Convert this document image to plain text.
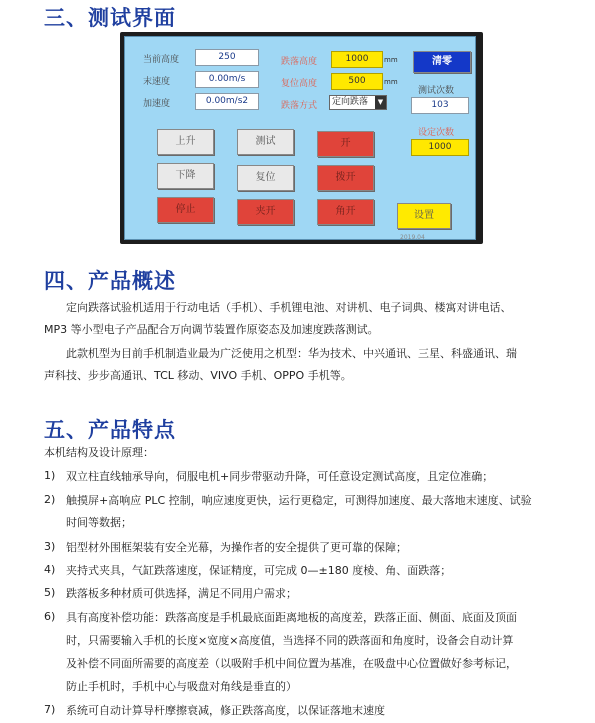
三、测试界面
当前高度	250
末速度	0.00m/s
加速度	0.00m/s2
跌落高度	1000	mm
复位高度	500	mm
跌落方式	定向跌落	▼
清零
测试次数
103
设定次数
1000
上升	测试	开
下降	复位	拨开
停止	夹开	角开	设置
2019.04
四、产品概述
定向跌落试验机适用于行动电话（手机）、手机锂电池、对讲机、电子词典、楼寓对讲电话、
MP3 等小型电子产品配合万向调节装置作原姿态及加速度跌落测试。
此款机型为目前手机制造业最为广泛使用之机型：华为技术、中兴通讯、三星、科盛通讯、瑞
声科技、步步高通讯、TCL 移动、VIVO 手机、OPPO 手机等。
五、产品特点
本机结构及设计原理：
1) 双立柱直线轴承导向，伺服电机+同步带驱动升降，可任意设定测试高度，且定位准确；
2) 触摸屏+高响应 PLC 控制，响应速度更快，运行更稳定，可测得加速度、最大落地末速度、试验
时间等数据；
3) 铝型材外围框架装有安全光幕，为操作者的安全提供了更可靠的保障；
4) 夹持式夹具，气缸跌落速度，保证精度，可完成 0—±180 度棱、角、面跌落；
5) 跌落板多种材质可供选择，满足不同用户需求；
6) 具有高度补偿功能：跌落高度是手机最底面距离地板的高度差，跌落正面、侧面、底面及顶面
时，只需要输入手机的长度×宽度×高度值，当选择不同的跌落面和角度时，设备会自动计算
及补偿不同面所需要的高度差（以吸附手机中间位置为基准，在吸盘中心位置做好参考标记，
防止手机时，手机中心与吸盘对角线是垂直的）
7) 系统可自动计算导杆摩擦衰减，修正跌落高度，以保证落地末速度
